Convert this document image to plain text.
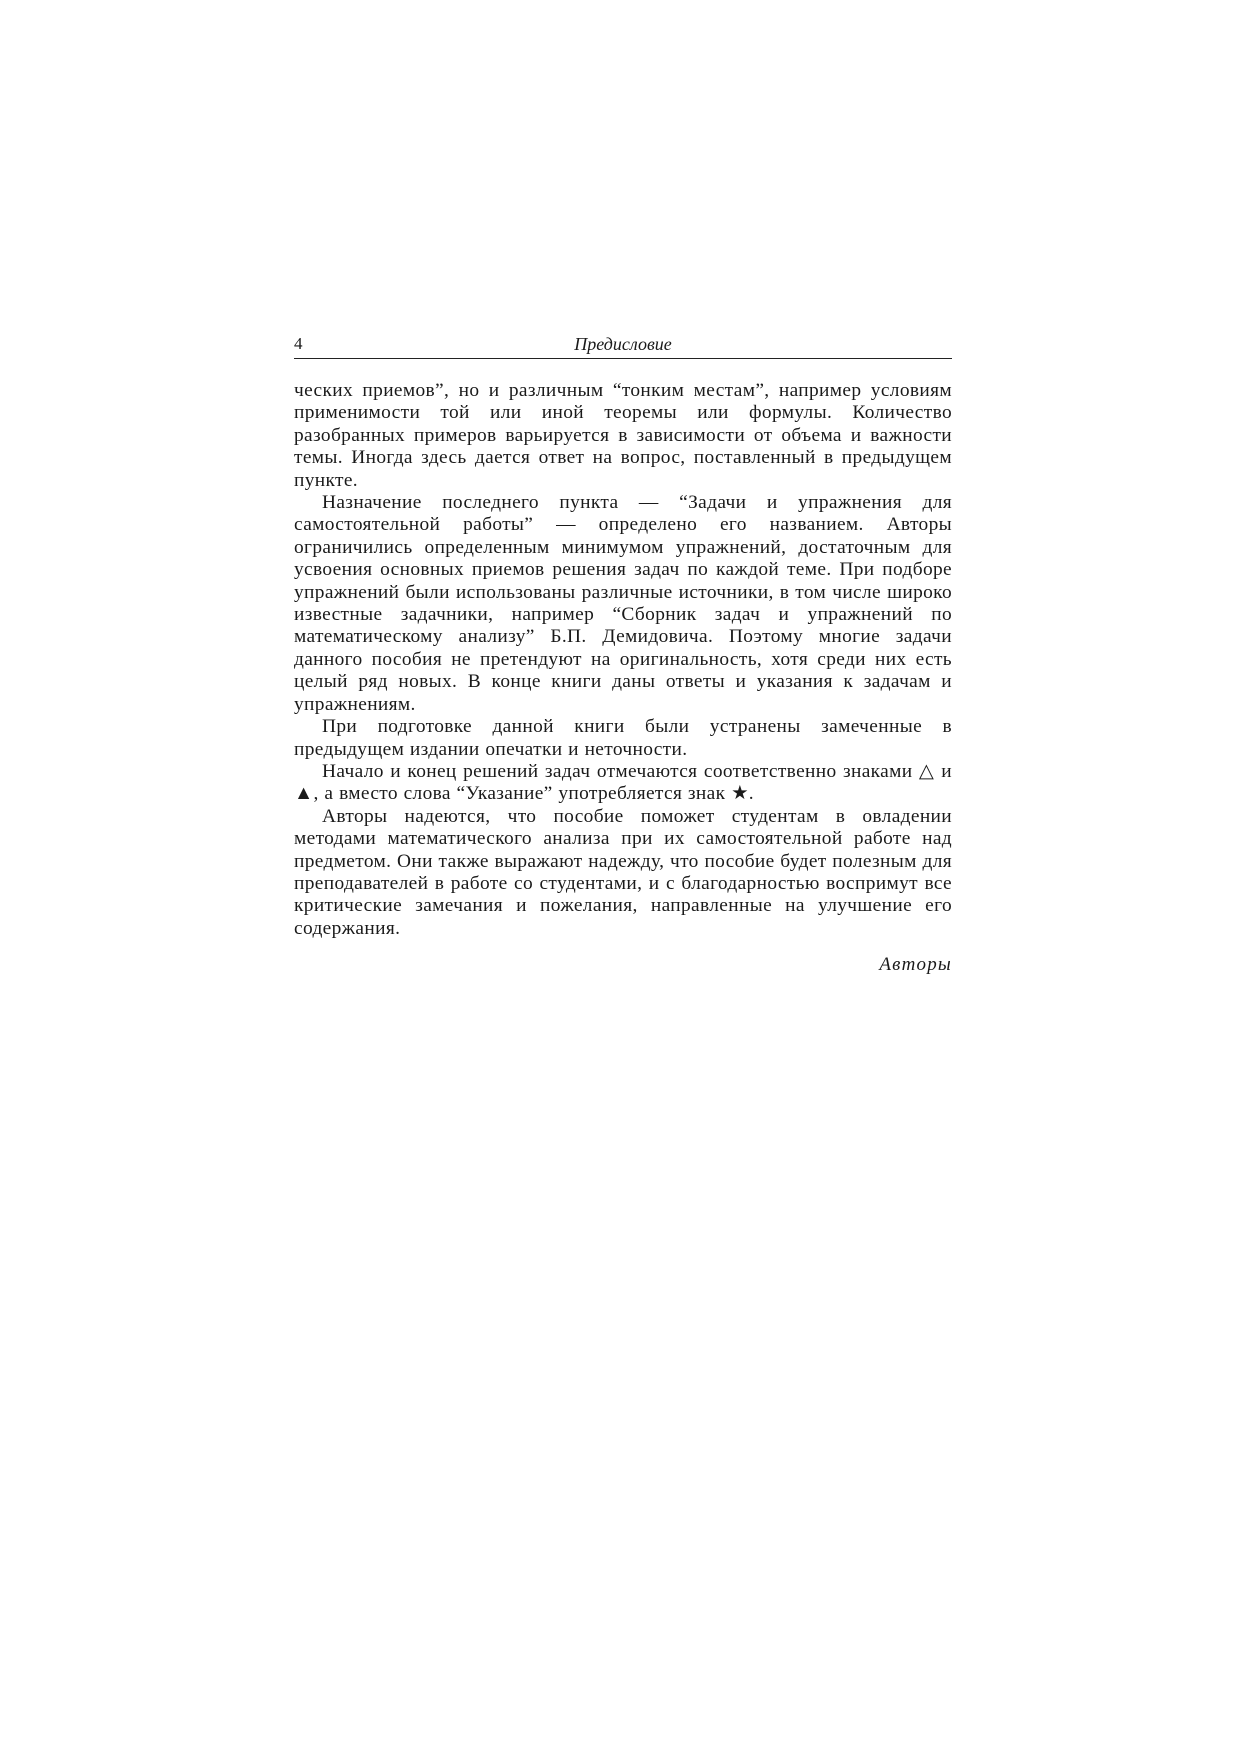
4	Предисловие

ческих приемов”, но и различным “тонким местам”, например условиям применимости той или иной теоремы или формулы. Количество разобранных примеров варьируется в зависимости от объема и важности темы. Иногда здесь дается ответ на вопрос, поставленный в предыдущем пункте.

Назначение последнего пункта — “Задачи и упражнения для самостоятельной работы” — определено его названием. Авторы ограничились определенным минимумом упражнений, достаточным для усвоения основных приемов решения задач по каждой теме. При подборе упражнений были использованы различные источники, в том числе широко известные задачники, например “Сборник задач и упражнений по математическому анализу” Б.П. Демидовича. Поэтому многие задачи данного пособия не претендуют на оригинальность, хотя среди них есть целый ряд новых. В конце книги даны ответы и указания к задачам и упражнениям.

При подготовке данной книги были устранены замеченные в предыдущем издании опечатки и неточности.

Начало и конец решений задач отмечаются соответственно знаками △ и ▲, а вместо слова “Указание” употребляется знак ★.

Авторы надеются, что пособие поможет студентам в овладении методами математического анализа при их самостоятельной работе над предметом. Они также выражают надежду, что пособие будет полезным для преподавателей в работе со студентами, и с благодарностью воспримут все критические замечания и пожелания, направленные на улучшение его содержания.

Авторы
